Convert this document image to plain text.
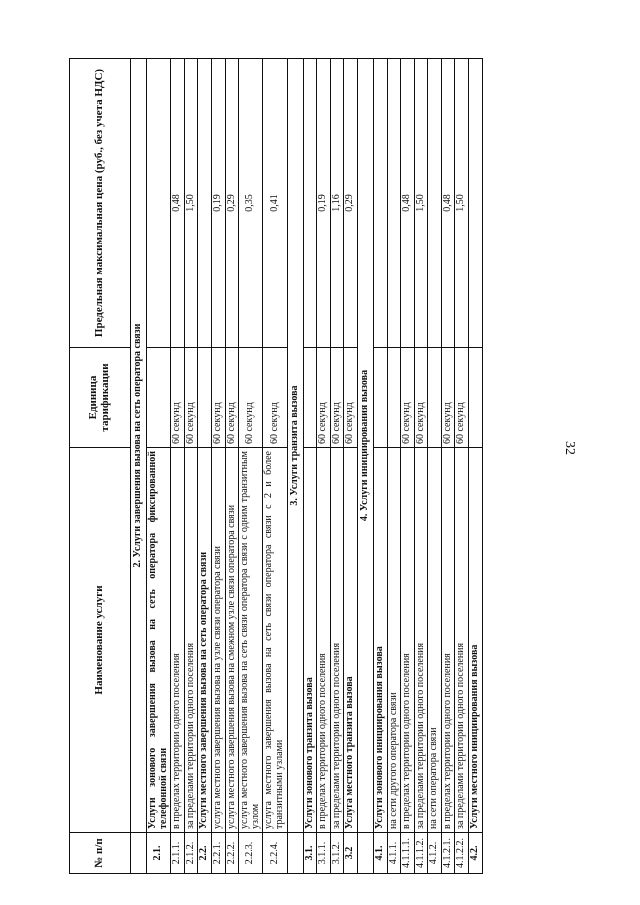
32
№ п/п	Наименование услуги	Единица тарификации	Предельная максимальная цена (руб., без учета НДС)
	2. Услуги завершения вызова на сеть оператора связи		
2.1.	Услуги зонового завершения вызова на сеть оператора фиксированной телефонной связи		
2.1.1.	в пределах территории одного поселения	60 секунд	0,48
2.1.2.	за пределами территории одного поселения	60 секунд	1,50
2.2.	Услуги местного завершения вызова на сеть оператора связи		
2.2.1.	услуга местного завершения вызова на узле связи оператора связи	60 секунд	0,19
2.2.2.	услуга местного завершения вызова на смежном узле связи оператора связи	60 секунд	0,29
2.2.3.	услуга местного завершения вызова на сеть связи оператора связи с одним транзитным узлом	60 секунд	0,35
2.2.4.	услуга местного завершения вызова на сеть связи оператора связи с 2 и более транзитными узлами	60 секунд	0,41
	3. Услуги транзита вызова		
3.1.	Услуги зонового транзита вызова		
3.1.1.	в пределах территории одного поселения	60 секунд	0,19
3.1.2.	за пределами территории одного поселения	60 секунд	1,16
3.2	Услуга местного транзита вызова	60 секунд	0,29
	4. Услуги инициирования вызова		
4.1.	Услуги зонового инициирования вызова		
4.1.1.	на сети другого оператора связи		
4.1.1.1.	в пределах территории одного поселения	60 секунд	0,48
4.1.1.2.	за пределами территории одного поселения	60 секунд	1,50
4.1.2.	на сети оператора связи		
4.1.2.1.	в пределах территории одного поселения	60 секунд	0,48
4.1.2.2.	за пределами территории одного поселения	60 секунд	1,50
4.2.	Услуги местного инициирования вызова		
